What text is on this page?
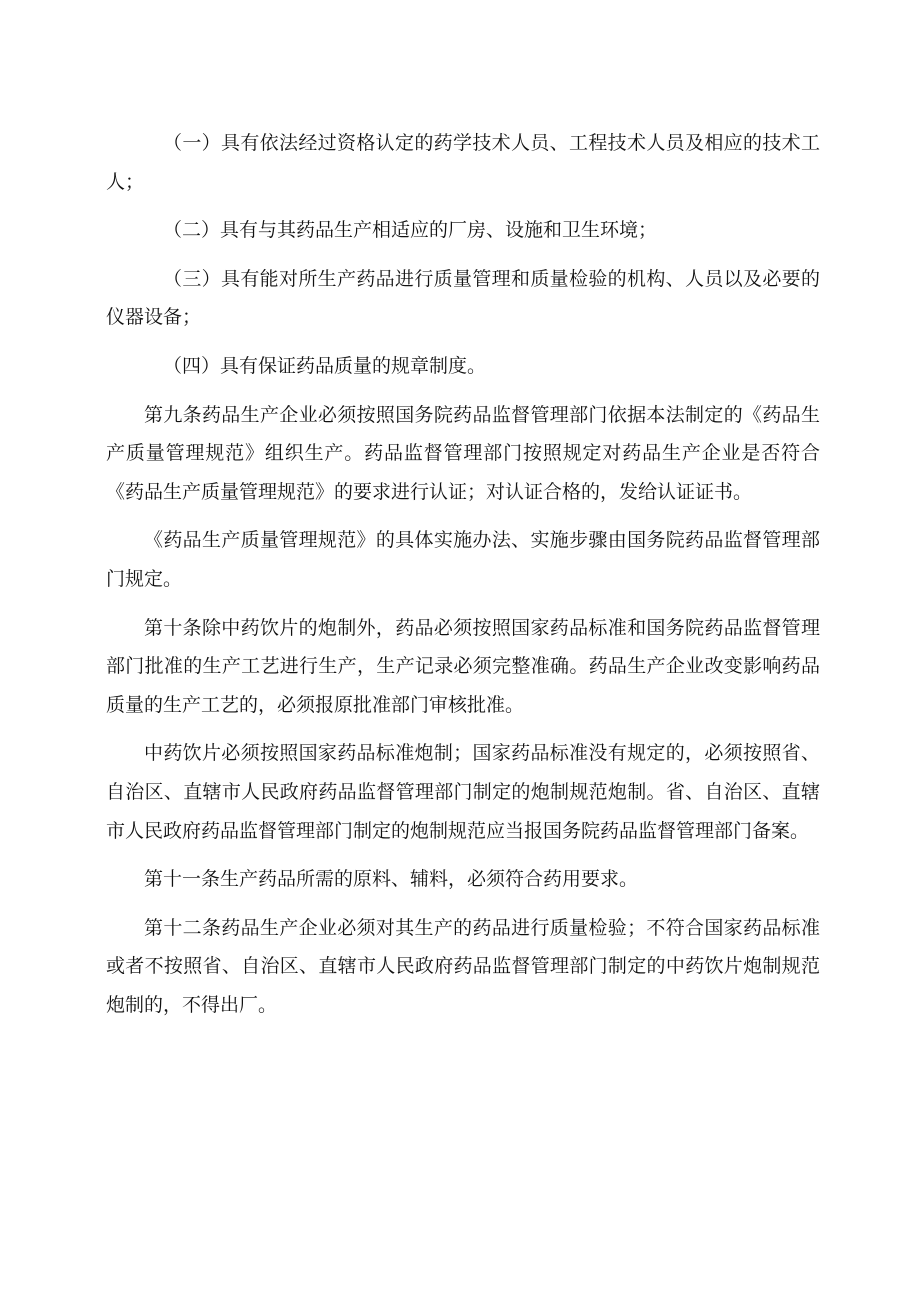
（一）具有依法经过资格认定的药学技术人员、工程技术人员及相应的技术工人；

（二）具有与其药品生产相适应的厂房、设施和卫生环境；

（三）具有能对所生产药品进行质量管理和质量检验的机构、人员以及必要的仪器设备；

（四）具有保证药品质量的规章制度。

第九条药品生产企业必须按照国务院药品监督管理部门依据本法制定的《药品生产质量管理规范》组织生产。药品监督管理部门按照规定对药品生产企业是否符合《药品生产质量管理规范》的要求进行认证；对认证合格的，发给认证证书。

《药品生产质量管理规范》的具体实施办法、实施步骤由国务院药品监督管理部门规定。

第十条除中药饮片的炮制外，药品必须按照国家药品标准和国务院药品监督管理部门批准的生产工艺进行生产，生产记录必须完整准确。药品生产企业改变影响药品质量的生产工艺的，必须报原批准部门审核批准。

中药饮片必须按照国家药品标准炮制；国家药品标准没有规定的，必须按照省、自治区、直辖市人民政府药品监督管理部门制定的炮制规范炮制。省、自治区、直辖市人民政府药品监督管理部门制定的炮制规范应当报国务院药品监督管理部门备案。

第十一条生产药品所需的原料、辅料，必须符合药用要求。

第十二条药品生产企业必须对其生产的药品进行质量检验；不符合国家药品标准或者不按照省、自治区、直辖市人民政府药品监督管理部门制定的中药饮片炮制规范炮制的，不得出厂。
